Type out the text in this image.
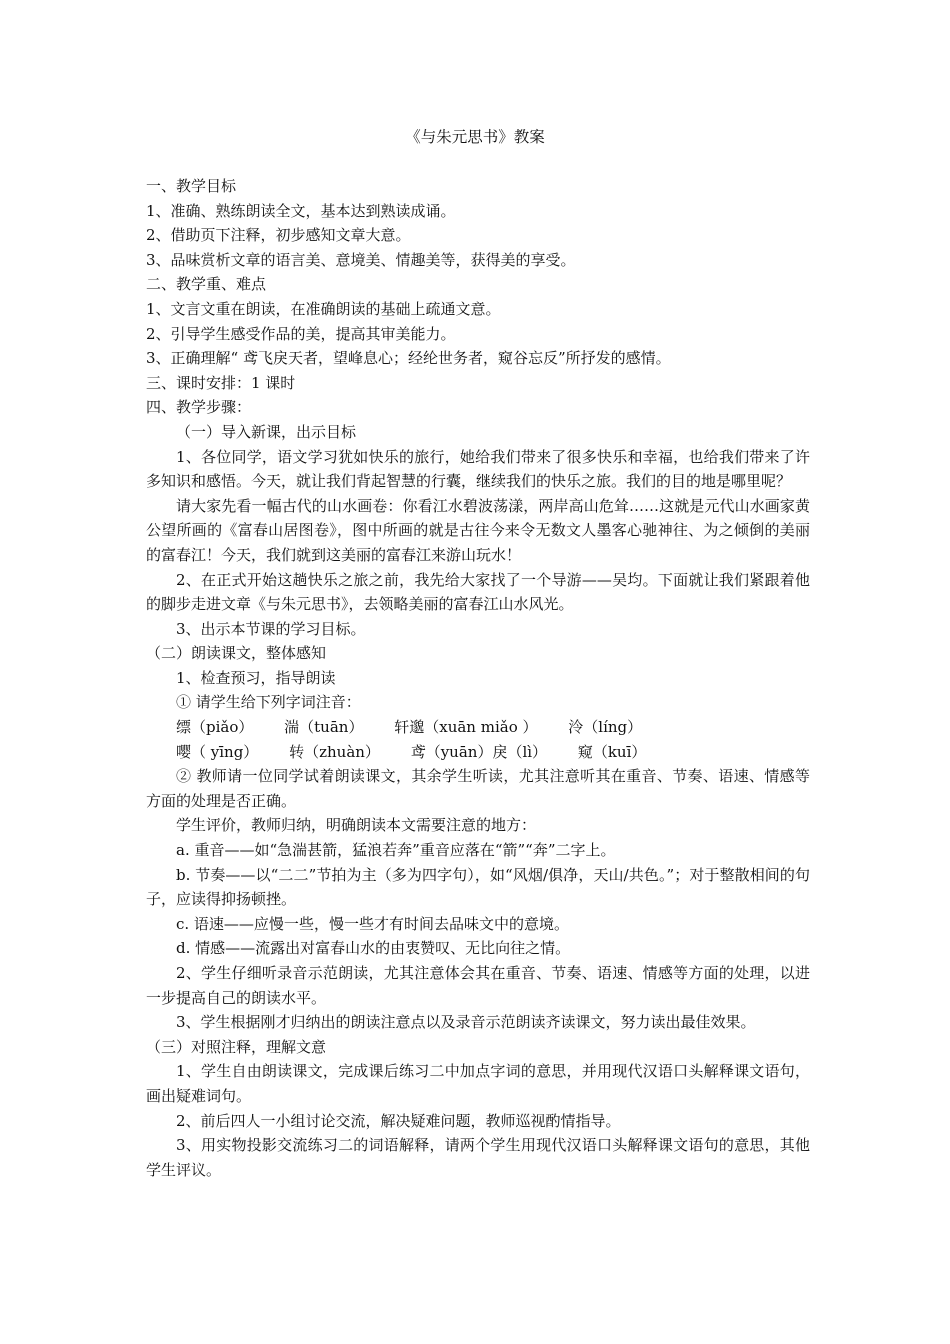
《与朱元思书》教案

一、教学目标

1、准确、熟练朗读全文，基本达到熟读成诵。

2、借助页下注释，初步感知文章大意。

3、品味赏析文章的语言美、意境美、情趣美等，获得美的享受。

二、教学重、难点

1、文言文重在朗读，在准确朗读的基础上疏通文意。

2、引导学生感受作品的美，提高其审美能力。

3、正确理解“ 鸢飞戾天者，望峰息心；经纶世务者，窥谷忘反”所抒发的感情。

三、课时安排：1 课时

四、教学步骤：

（一）导入新课，出示目标

1、各位同学，语文学习犹如快乐的旅行，她给我们带来了很多快乐和幸福，也给我们带来了许多知识和感悟。今天，就让我们背起智慧的行囊，继续我们的快乐之旅。我们的目的地是哪里呢？

请大家先看一幅古代的山水画卷：你看江水碧波荡漾，两岸高山危耸……这就是元代山水画家黄公望所画的《富春山居图卷》，图中所画的就是古往今来令无数文人墨客心驰神往、为之倾倒的美丽的富春江！今天，我们就到这美丽的富春江来游山玩水！

2、在正式开始这趟快乐之旅之前，我先给大家找了一个导游——吴均。下面就让我们紧跟着他的脚步走进文章《与朱元思书》，去领略美丽的富春江山水风光。

3、出示本节课的学习目标。

（二）朗读课文，整体感知

1、检查预习，指导朗读

① 请学生给下列字词注音：

缥（piǎo） 湍（tuān） 轩邈（xuān miǎo ） 泠（líng）

嘤（ yīng） 转（zhuàn） 鸢（yuān）戾（lì） 窥（kuī）

② 教师请一位同学试着朗读课文，其余学生听读，尤其注意听其在重音、节奏、语速、情感等方面的处理是否正确。

学生评价，教师归纳，明确朗读本文需要注意的地方：

a. 重音——如“急湍甚箭，猛浪若奔”重音应落在“箭”“奔”二字上。

b. 节奏——以“二二”节拍为主（多为四字句），如“风烟/俱净，天山/共色。”；对于整散相间的句子，应读得抑扬顿挫。

c. 语速——应慢一些，慢一些才有时间去品味文中的意境。

d. 情感——流露出对富春山水的由衷赞叹、无比向往之情。

2、学生仔细听录音示范朗读，尤其注意体会其在重音、节奏、语速、情感等方面的处理，以进一步提高自己的朗读水平。

3、学生根据刚才归纳出的朗读注意点以及录音示范朗读齐读课文，努力读出最佳效果。

（三）对照注释，理解文意

1、学生自由朗读课文，完成课后练习二中加点字词的意思，并用现代汉语口头解释课文语句，画出疑难词句。

2、前后四人一小组讨论交流，解决疑难问题，教师巡视酌情指导。

3、用实物投影交流练习二的词语解释，请两个学生用现代汉语口头解释课文语句的意思，其他学生评议。
